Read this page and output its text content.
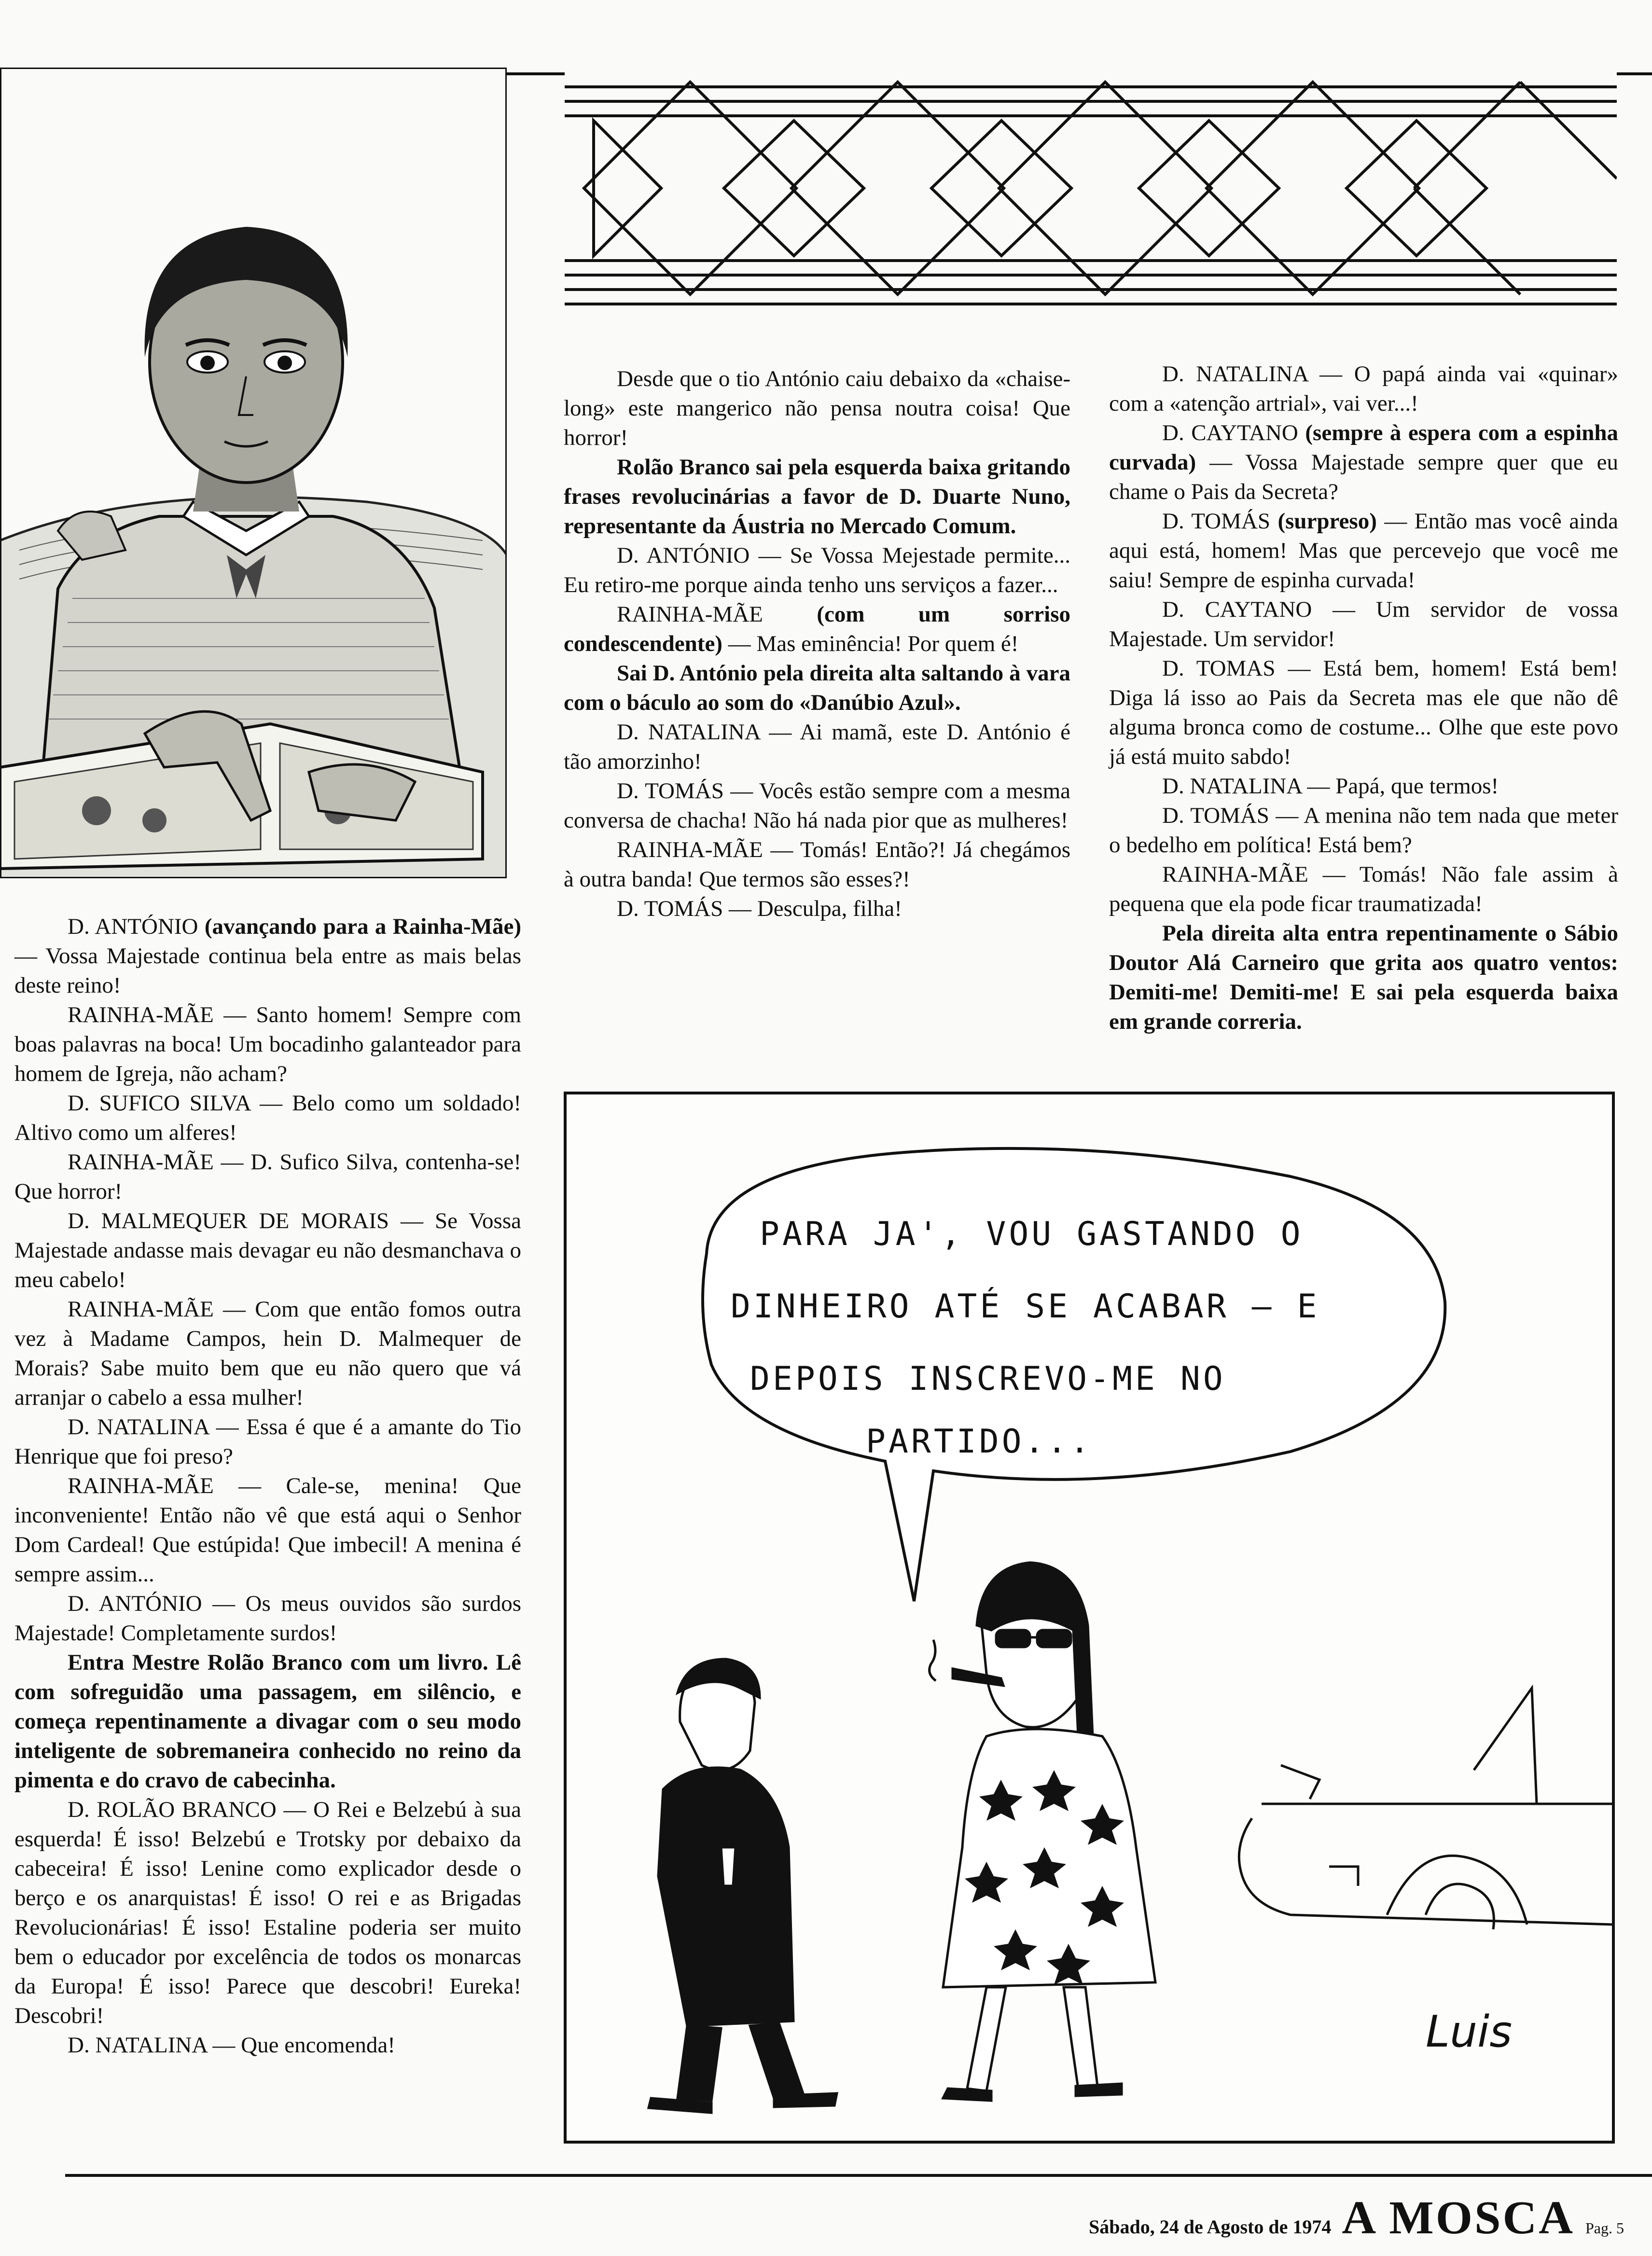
D. ANTÓNIO (avançando para a Rainha-Mãe) — Vossa Majestade continua bela entre as mais belas deste reino!

RAINHA-MÃE — Santo homem! Sempre com boas palavras na boca! Um bocadinho galanteador para homem de Igreja, não acham?

D. SUFICO SILVA — Belo como um soldado! Altivo como um alferes!

RAINHA-MÃE — D. Sufico Silva, contenha-se! Que horror!

D. MALMEQUER DE MORAIS — Se Vossa Majestade andasse mais devagar eu não desmanchava o meu cabelo!

RAINHA-MÃE — Com que então fomos outra vez à Madame Campos, hein D. Malmequer de Morais? Sabe muito bem que eu não quero que vá arranjar o cabelo a essa mulher!

D. NATALINA — Essa é que é a amante do Tio Henrique que foi preso?

RAINHA-MÃE — Cale-se, menina! Que inconveniente! Então não vê que está aqui o Senhor Dom Cardeal! Que estúpida! Que imbecil! A menina é sempre assim...

D. ANTÓNIO — Os meus ouvidos são surdos Majestade! Completamente surdos!

Entra Mestre Rolão Branco com um livro. Lê com sofreguidão uma passagem, em silêncio, e começa repentinamente a divagar com o seu modo inteligente de sobremaneira conhecido no reino da pimenta e do cravo de cabecinha.

D. ROLÃO BRANCO — O Rei e Belzebú à sua esquerda! É isso! Belzebú e Trotsky por debaixo da cabeceira! É isso! Lenine como explicador desde o berço e os anarquistas! É isso! O rei e as Brigadas Revolucionárias! É isso! Estaline poderia ser muito bem o educador por excelência de todos os monarcas da Europa! É isso! Parece que descobri! Eureka! Descobri!

D. NATALINA — Que encomenda!

Desde que o tio António caiu debaixo da «chaise-long» este mangerico não pensa noutra coisa! Que horror!

Rolão Branco sai pela esquerda baixa gritando frases revolucinárias a favor de D. Duarte Nuno, representante da Áustria no Mercado Comum.

D. ANTÓNIO — Se Vossa Mejestade permite... Eu retiro-me porque ainda tenho uns serviços a fazer...

RAINHA-MÃE (com um sorriso condescendente) — Mas eminência! Por quem é!

Sai D. António pela direita alta saltando à vara com o báculo ao som do «Danúbio Azul».

D. NATALINA — Ai mamã, este D. António é tão amorzinho!

D. TOMÁS — Vocês estão sempre com a mesma conversa de chacha! Não há nada pior que as mulheres!

RAINHA-MÃE — Tomás! Então?! Já chegámos à outra banda! Que termos são esses?!

D. TOMÁS — Desculpa, filha!

D. NATALINA — O papá ainda vai «quinar» com a «atenção artrial», vai ver...!

D. CAYTANO (sempre à espera com a espinha curvada) — Vossa Majestade sempre quer que eu chame o Pais da Secreta?

D. TOMÁS (surpreso) — Então mas você ainda aqui está, homem! Mas que percevejo que você me saiu! Sempre de espinha curvada!

D. CAYTANO — Um servidor de vossa Majestade. Um servidor!

D. TOMAS — Está bem, homem! Está bem! Diga lá isso ao Pais da Secreta mas ele que não dê alguma bronca como de costume... Olhe que este povo já está muito sabdo!

D. NATALINA — Papá, que termos!

D. TOMÁS — A menina não tem nada que meter o bedelho em política! Está bem?

RAINHA-MÃE — Tomás! Não fale assim à pequena que ela pode ficar traumatizada!

Pela direita alta entra repentinamente o Sábio Doutor Alá Carneiro que grita aos quatro ventos: Demiti-me! Demiti-me! E sai pela esquerda baixa em grande correria.

PARA JA', VOU GASTANDO O
DINHEIRO ATÉ SE ACABAR — E
DEPOIS INSCREVO-ME NO
PARTIDO...
Luis
Sábado, 24 de Agosto de 1974 A MOSCA Pag. 5
